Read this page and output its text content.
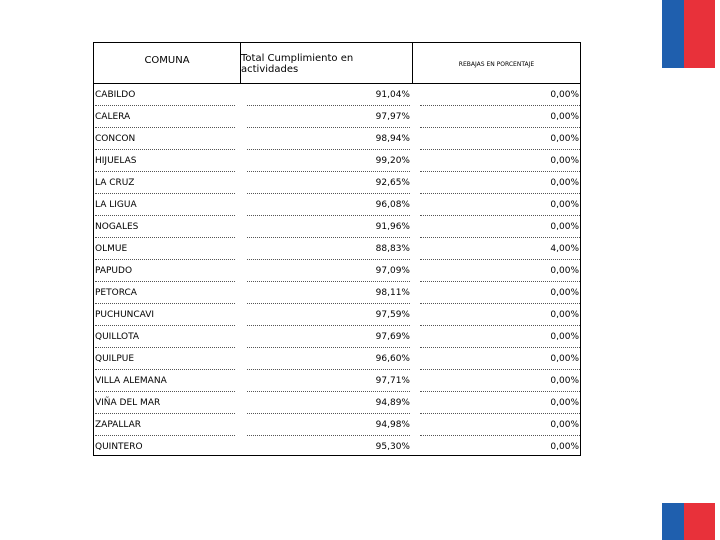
COMUNA	Total Cumplimiento en actividades	REBAJAS EN PORCENTAJE
CABILDO	91,04%	0,00%
CALERA	97,97%	0,00%
CONCON	98,94%	0,00%
HIJUELAS	99,20%	0,00%
LA CRUZ	92,65%	0,00%
LA LIGUA	96,08%	0,00%
NOGALES	91,96%	0,00%
OLMUE	88,83%	4,00%
PAPUDO	97,09%	0,00%
PETORCA	98,11%	0,00%
PUCHUNCAVI	97,59%	0,00%
QUILLOTA	97,69%	0,00%
QUILPUE	96,60%	0,00%
VILLA ALEMANA	97,71%	0,00%
VIÑA DEL MAR	94,89%	0,00%
ZAPALLAR	94,98%	0,00%
QUINTERO	95,30%	0,00%
